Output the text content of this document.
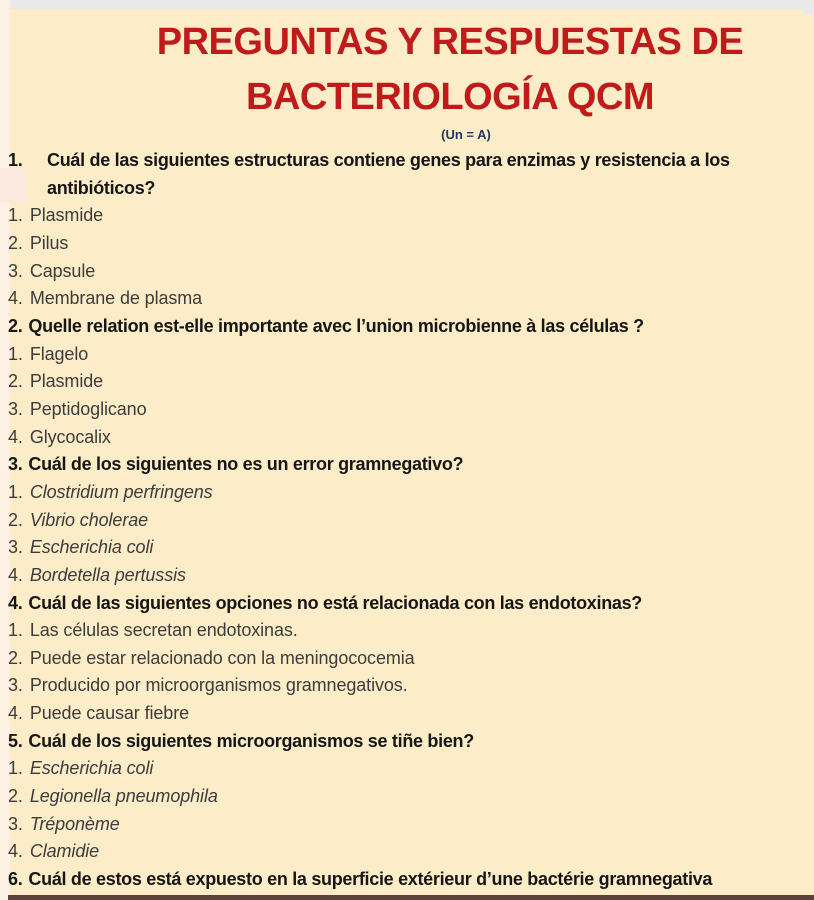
PREGUNTAS Y RESPUESTAS DE
BACTERIOLOGÍA QCM
(Un = A)
1. Cuál de las siguientes estructuras contiene genes para enzimas y resistencia a los antibióticos?
1. Plasmide
2. Pilus
3. Capsule
4. Membrane de plasma
2. Quelle relation est-elle importante avec l’union microbienne à las células ?
1. Flagelo
2. Plasmide
3. Peptidoglicano
4. Glycocalix
3. Cuál de los siguientes no es un error gramnegativo?
1. Clostridium perfringens
2. Vibrio cholerae
3. Escherichia coli
4. Bordetella pertussis
4. Cuál de las siguientes opciones no está relacionada con las endotoxinas?
1. Las células secretan endotoxinas.
2. Puede estar relacionado con la meningococemia
3. Producido por microorganismos gramnegativos.
4. Puede causar fiebre
5. Cuál de los siguientes microorganismos se tiñe bien?
1. Escherichia coli
2. Legionella pneumophila
3. Tréponème
4. Clamidie
6. Cuál de estos está expuesto en la superficie extérieur d’une bactérie gramnegativa
